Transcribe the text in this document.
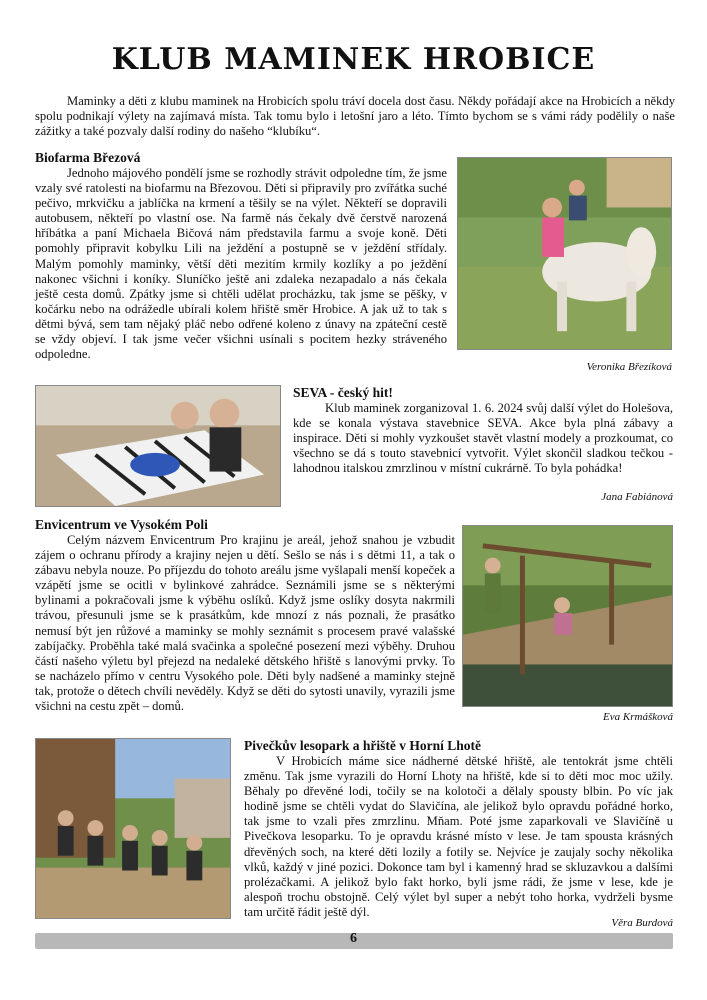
KLUB MAMINEK HROBICE

Maminky a děti z klubu maminek na Hrobicích spolu tráví docela dost času. Někdy pořádají akce na Hrobicích a někdy spolu podnikají výlety na zajímavá místa. Tak tomu bylo i letošní jaro a léto. Tímto bychom se s vámi rády podělily o naše zážitky a také pozvaly další rodiny do našeho “klubíku“.

Biofarma Březová

Jednoho májového pondělí jsme se rozhodly strávit odpoledne tím, že jsme vzaly své ratolesti na biofarmu na Březovou. Děti si připravily pro zvířátka suché pečivo, mrkvičku a jablíčka na krmení a těšily se na výlet. Někteří se dopravili autobusem, někteří po vlastní ose. Na farmě nás čekaly dvě čerstvě narozená hříbátka a paní Michaela Bičová nám představila farmu a svoje koně. Děti pomohly připravit kobylku Lili na ježdění a postupně se v ježdění střídaly. Malým pomohly maminky, větší děti mezitím krmily kozlíky a po ježdění nakonec všichni i koníky. Sluníčko ještě ani zdaleka nezapadalo a nás čekala ještě cesta domů. Zpátky jsme si chtěli udělat procházku, tak jsme se pěšky, v kočárku nebo na odrážedle ubírali kolem hřiště směr Hrobice. A jak už to tak s dětmi bývá, sem tam nějaký pláč nebo odřené koleno z únavy na zpáteční cestě se vždy objeví. I tak jsme večer všichni usínali s pocitem hezky stráveného odpoledne.

Veronika Březíková
SEVA - český hit!

Klub maminek zorganizoval 1. 6. 2024 svůj další výlet do Holešova, kde se konala výstava stavebnice SEVA. Akce byla plná zábavy a inspirace. Děti si mohly vyzkoušet stavět vlastní modely a prozkoumat, co všechno se dá s touto stavebnicí vytvořit. Výlet skončil sladkou tečkou - lahodnou italskou zmrzlinou v místní cukrárně. To byla pohádka!

Jana Fabiánová
Envicentrum ve Vysokém Poli

Celým názvem Envicentrum Pro krajinu je areál, jehož snahou je vzbudit zájem o ochranu přírody a krajiny nejen u dětí. Sešlo se nás i s dětmi 11, a tak o zábavu nebyla nouze. Po příjezdu do tohoto areálu jsme vyšlapali menší kopeček a vzápětí jsme se ocitli v bylinkové zahrádce. Seznámili jsme se s některými bylinami a pokračovali jsme k výběhu oslíků. Když jsme oslíky dosyta nakrmili trávou, přesunuli jsme se k prasátkům, kde mnozí z nás poznali, že prasátko nemusí být jen růžové a maminky se mohly seznámit s procesem pravé valašské zabíjačky. Proběhla také malá svačinka a společné posezení mezi výběhy. Druhou částí našeho výletu byl přejezd na nedaleké dětského hřiště s lanovými prvky. To se nacházelo přímo v centru Vysokého pole. Děti byly nadšené a maminky stejně tak, protože o dětech chvíli nevěděly. Když se děti do sytosti unavily, vyrazili jsme všichni na cestu zpět – domů.

Eva Krmášková
Pivečkův lesopark a hřiště v Horní Lhotě

V Hrobicích máme sice nádherné dětské hřiště, ale tentokrát jsme chtěli změnu. Tak jsme vyrazili do Horní Lhoty na hřiště, kde si to děti moc moc užily. Běhaly po dřevěné lodi, točily se na kolotoči a dělaly spousty blbin. Po víc jak hodině jsme se chtěli vydat do Slavičína, ale jelikož bylo opravdu pořádné horko, tak jsme to vzali přes zmrzlinu. Mňam. Poté jsme zaparkovali ve Slavičíně u Pivečkova lesoparku. To je opravdu krásné místo v lese. Je tam spousta krásných dřevěných soch, na které děti lozily a fotily se. Nejvíce je zaujaly sochy několika vlků, každý v jiné pozici. Dokonce tam byl i kamenný hrad se skluzavkou a dalšími prolézačkami. A jelikož bylo fakt horko, byli jsme rádi, že jsme v lese, kde je alespoň trochu obstojně. Celý výlet byl super a nebýt toho horka, vydrželi bysme tam určitě řádit ještě dýl.

Věra Burdová
6
